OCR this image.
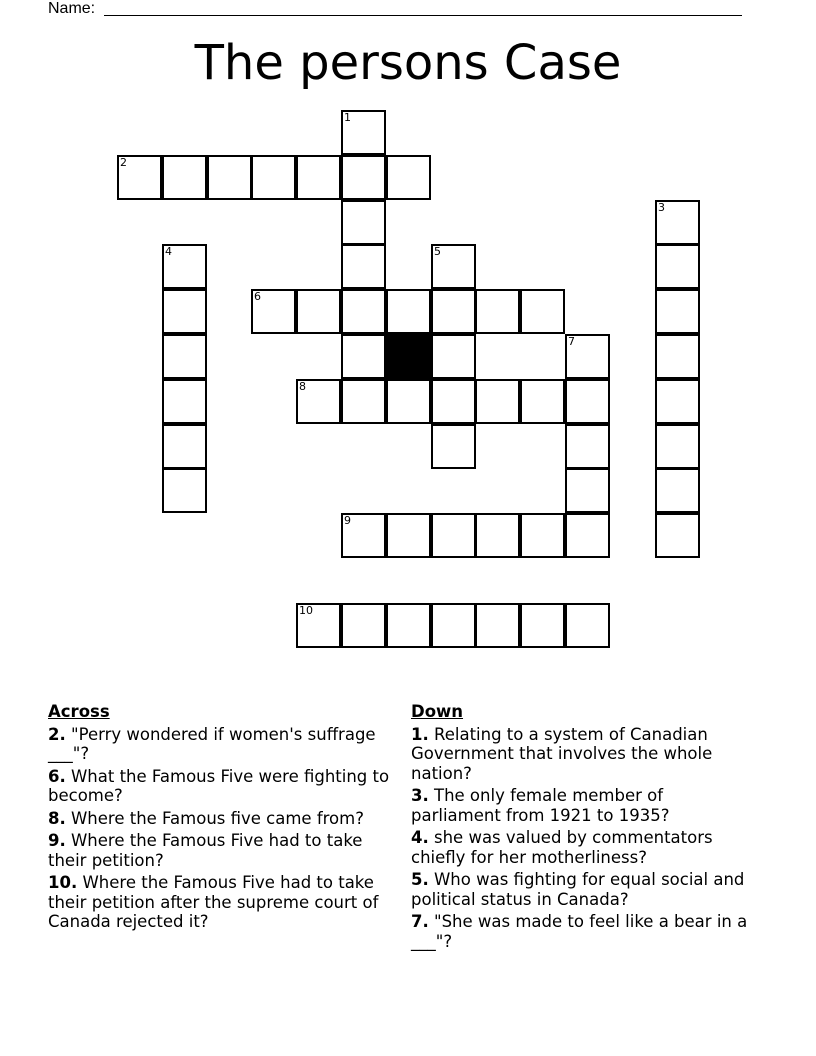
Name:
The persons Case
1
2
3
4	5
6
7
8
9
10
Across
2. "Perry wondered if women's suffrage ___"?
6. What the Famous Five were fighting to become?
8. Where the Famous five came from?
9. Where the Famous Five had to take their petition?
10. Where the Famous Five had to take their petition after the supreme court of Canada rejected it?
Down
1. Relating to a system of Canadian Government that involves the whole nation?
3. The only female member of parliament from 1921 to 1935?
4. she was valued by commentators chiefly for her motherliness?
5. Who was fighting for equal social and political status in Canada?
7. "She was made to feel like a bear in a ___"?
